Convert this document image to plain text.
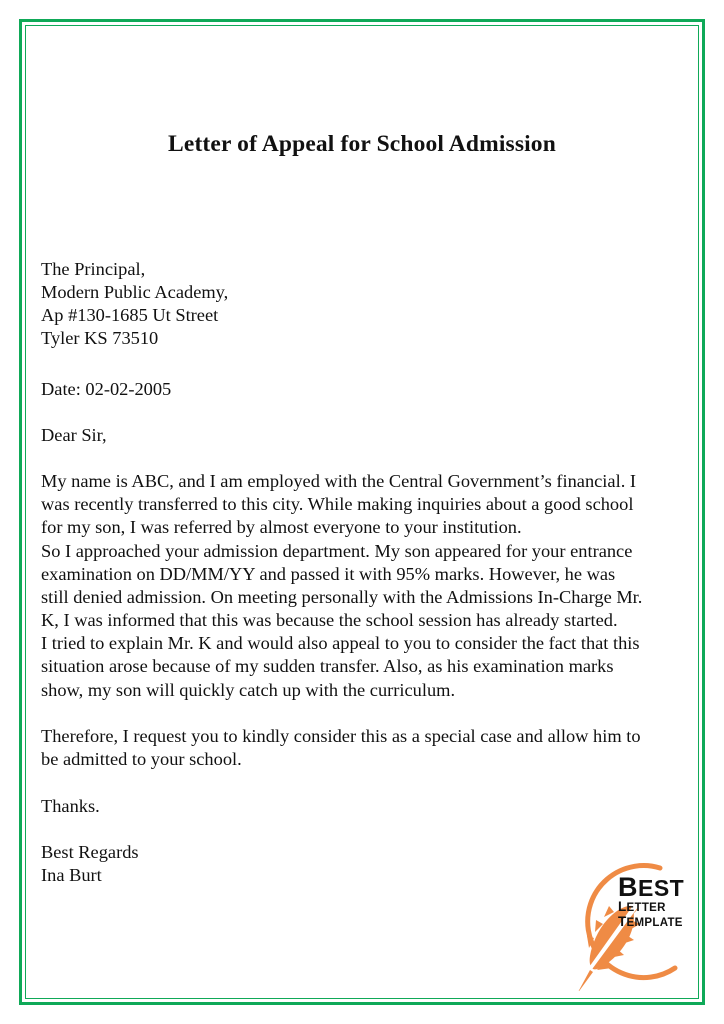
Letter of Appeal for School Admission
The Principal,
Modern Public Academy,
Ap #130-1685 Ut Street
Tyler KS 73510
Date: 02-02-2005
Dear Sir,
My name is ABC, and I am employed with the Central Government’s financial. I
was recently transferred to this city. While making inquiries about a good school
for my son, I was referred by almost everyone to your institution.
So I approached your admission department. My son appeared for your entrance
examination on DD/MM/YY and passed it with 95% marks. However, he was
still denied admission. On meeting personally with the Admissions In-Charge Mr.
K, I was informed that this was because the school session has already started.
I tried to explain Mr. K and would also appeal to you to consider the fact that this
situation arose because of my sudden transfer. Also, as his examination marks
show, my son will quickly catch up with the curriculum.
Therefore, I request you to kindly consider this as a special case and allow him to
be admitted to your school.
Thanks.
Best Regards
Ina Burt	BEST
LETTER TEMPLATE
